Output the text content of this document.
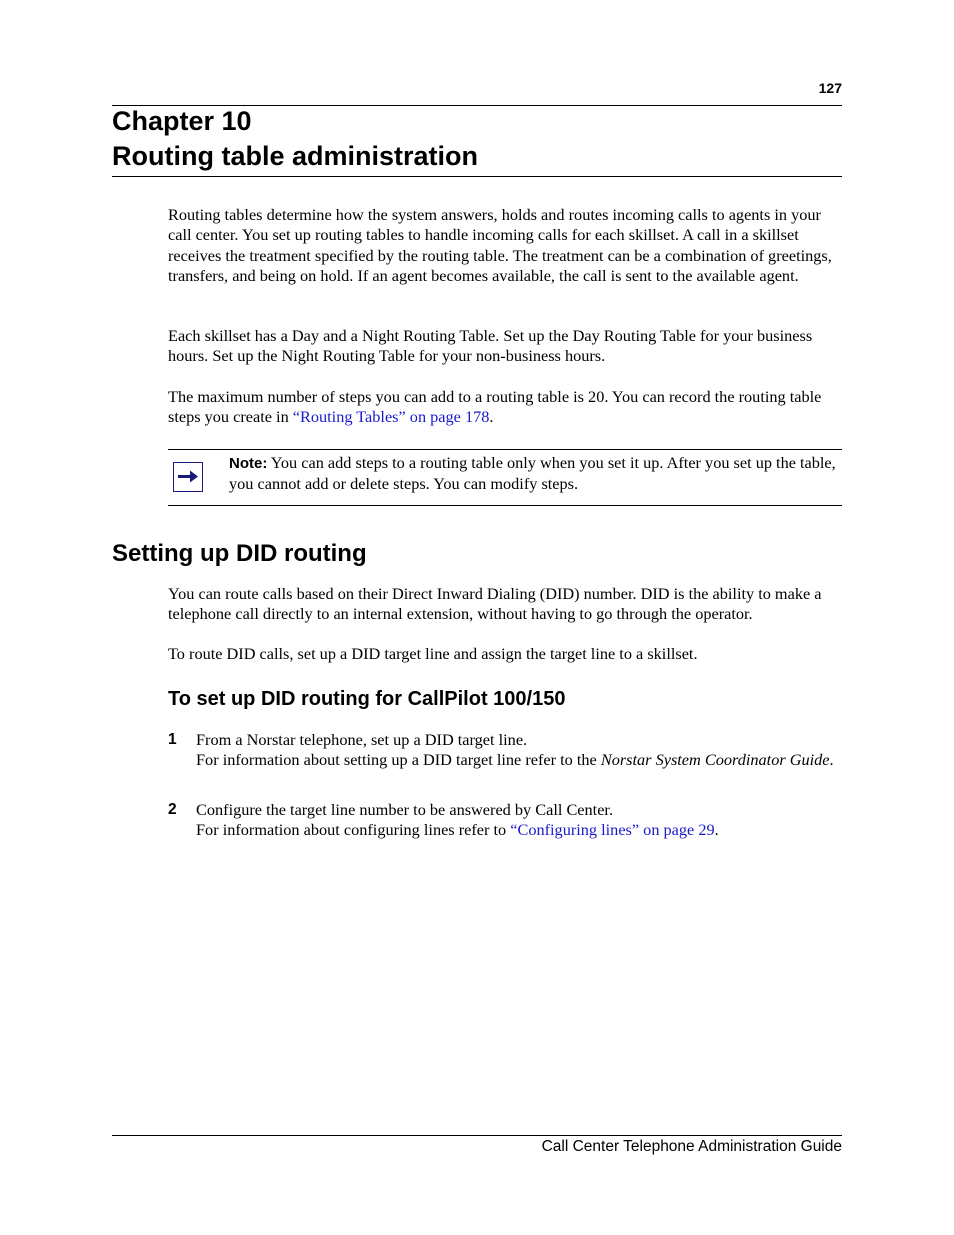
127
Chapter 10
Routing table administration

Routing tables determine how the system answers, holds and routes incoming calls to agents in your call center. You set up routing tables to handle incoming calls for each skillset. A call in a skillset receives the treatment specified by the routing table. The treatment can be a combination of greetings, transfers, and being on hold. If an agent becomes available, the call is sent to the available agent.

Each skillset has a Day and a Night Routing Table. Set up the Day Routing Table for your business hours. Set up the Night Routing Table for your non-business hours.

The maximum number of steps you can add to a routing table is 20. You can record the routing table steps you create in “Routing Tables” on page 178.

Note: You can add steps to a routing table only when you set it up. After you set up the table, you cannot add or delete steps. You can modify steps.

Setting up DID routing

You can route calls based on their Direct Inward Dialing (DID) number. DID is the ability to make a telephone call directly to an internal extension, without having to go through the operator.

To route DID calls, set up a DID target line and assign the target line to a skillset.

To set up DID routing for CallPilot 100/150
1 From a Norstar telephone, set up a DID target line.
For information about setting up a DID target line refer to the Norstar System Coordinator Guide.
2 Configure the target line number to be answered by Call Center.
For information about configuring lines refer to “Configuring lines” on page 29.
Call Center Telephone Administration Guide
